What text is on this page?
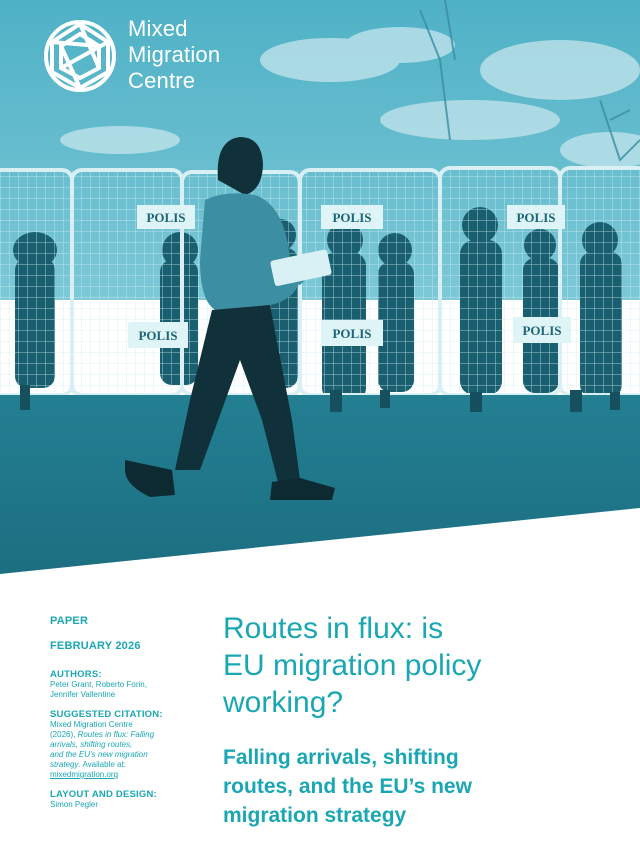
POLIS	POLIS	POLIS
POLIS	POLIS	POLIS
Mixed
Migration
Centre
PAPER
FEBRUARY 2026
AUTHORS:
Peter Grant, Roberto Forin,
Jennifer Vallentine
SUGGESTED CITATION:
Mixed Migration Centre
(2026), Routes in flux: Falling
arrivals, shifting routes,
and the EU’s new migration
strategy. Available at:
mixedmigration.org
LAYOUT AND DESIGN:
Simon Pegler
Routes in flux: is
EU migration policy
working?
Falling arrivals, shifting
routes, and the EU’s new
migration strategy
